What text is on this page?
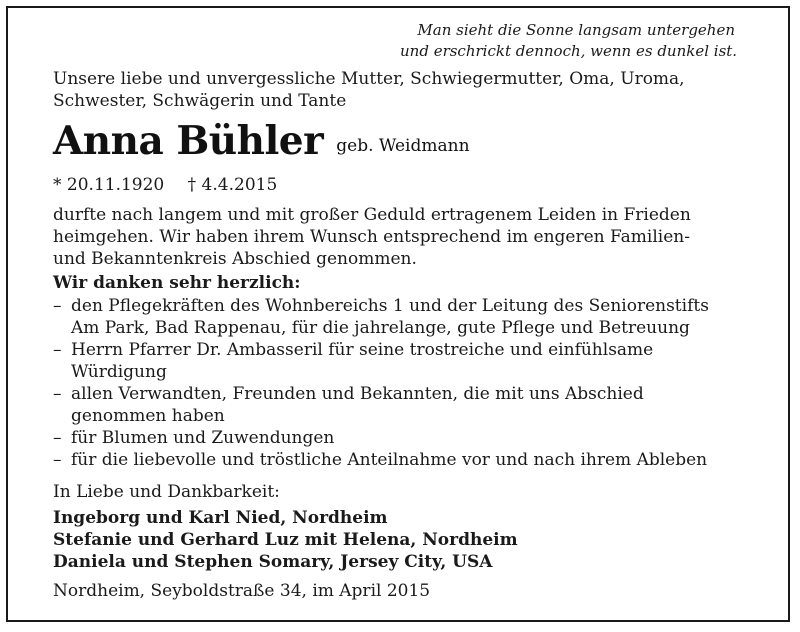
Man sieht die Sonne langsam untergehen
und erschrickt dennoch, wenn es dunkel ist.
Unsere liebe und unvergessliche Mutter, Schwiegermutter, Oma, Uroma,
Schwester, Schwägerin und Tante
Anna Bühler geb. Weidmann
* 20.11.1920 † 4.4.2015
durfte nach langem und mit großer Geduld ertragenem Leiden in Frieden
heimgehen. Wir haben ihrem Wunsch entsprechend im engeren Familien-
und Bekanntenkreis Abschied genommen.
Wir danken sehr herzlich:
– den Pflegekräften des Wohnbereichs 1 und der Leitung des Seniorenstifts
Am Park, Bad Rappenau, für die jahrelange, gute Pflege und Betreuung
– Herrn Pfarrer Dr. Ambasseril für seine trostreiche und einfühlsame
Würdigung
– allen Verwandten, Freunden und Bekannten, die mit uns Abschied
genommen haben
– für Blumen und Zuwendungen
– für die liebevolle und tröstliche Anteilnahme vor und nach ihrem Ableben
In Liebe und Dankbarkeit:
Ingeborg und Karl Nied, Nordheim
Stefanie und Gerhard Luz mit Helena, Nordheim
Daniela und Stephen Somary, Jersey City, USA
Nordheim, Seyboldstraße 34, im April 2015
